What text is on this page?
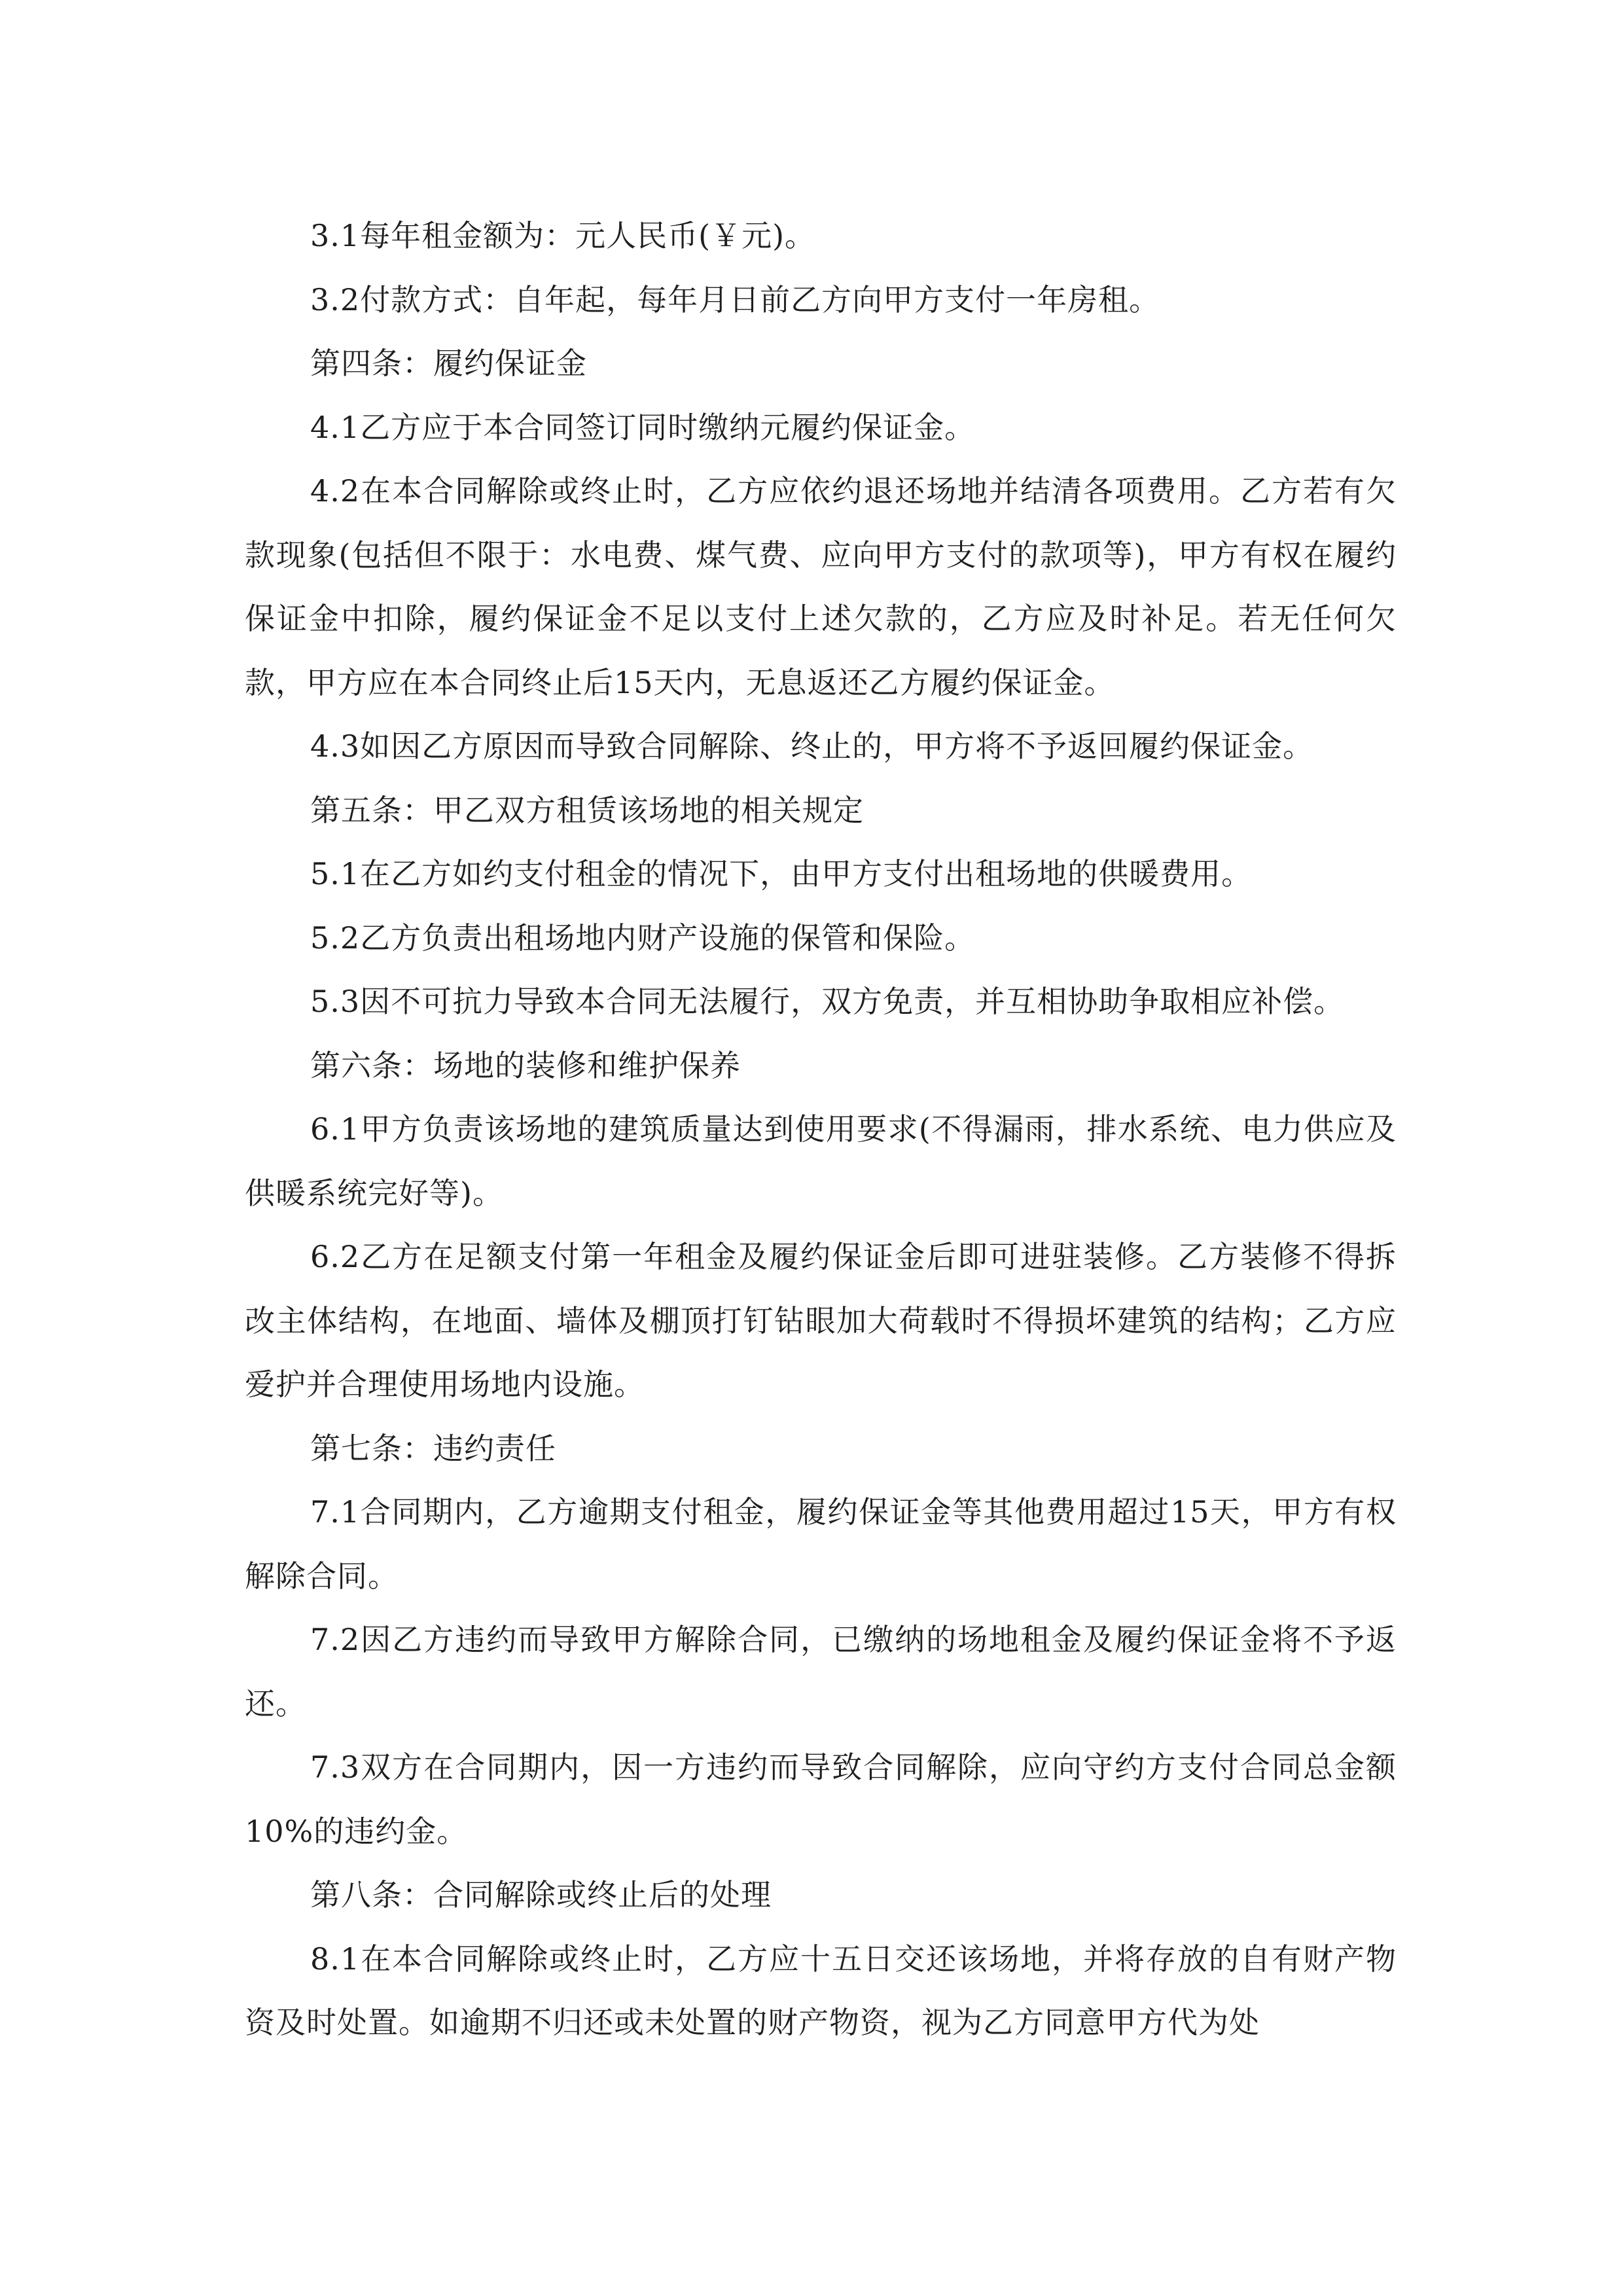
3.1每年租金额为：元人民币(￥元)。

3.2付款方式：自年起，每年月日前乙方向甲方支付一年房租。

第四条：履约保证金

4.1乙方应于本合同签订同时缴纳元履约保证金。

4.2在本合同解除或终止时，乙方应依约退还场地并结清各项费用。乙方若有欠款现象(包括但不限于：水电费、煤气费、应向甲方支付的款项等)，甲方有权在履约保证金中扣除，履约保证金不足以支付上述欠款的，乙方应及时补足。若无任何欠款，甲方应在本合同终止后15天内，无息返还乙方履约保证金。

4.3如因乙方原因而导致合同解除、终止的，甲方将不予返回履约保证金。

第五条：甲乙双方租赁该场地的相关规定

5.1在乙方如约支付租金的情况下，由甲方支付出租场地的供暖费用。

5.2乙方负责出租场地内财产设施的保管和保险。

5.3因不可抗力导致本合同无法履行，双方免责，并互相协助争取相应补偿。

第六条：场地的装修和维护保养

6.1甲方负责该场地的建筑质量达到使用要求(不得漏雨，排水系统、电力供应及供暖系统完好等)。

6.2乙方在足额支付第一年租金及履约保证金后即可进驻装修。乙方装修不得拆改主体结构，在地面、墙体及棚顶打钉钻眼加大荷载时不得损坏建筑的结构；乙方应爱护并合理使用场地内设施。

第七条：违约责任

7.1合同期内，乙方逾期支付租金，履约保证金等其他费用超过15天，甲方有权解除合同。

7.2因乙方违约而导致甲方解除合同，已缴纳的场地租金及履约保证金将不予返还。

7.3双方在合同期内，因一方违约而导致合同解除，应向守约方支付合同总金额10%的违约金。

第八条：合同解除或终止后的处理

8.1在本合同解除或终止时，乙方应十五日交还该场地，并将存放的自有财产物资及时处置。如逾期不归还或未处置的财产物资，视为乙方同意甲方代为处
